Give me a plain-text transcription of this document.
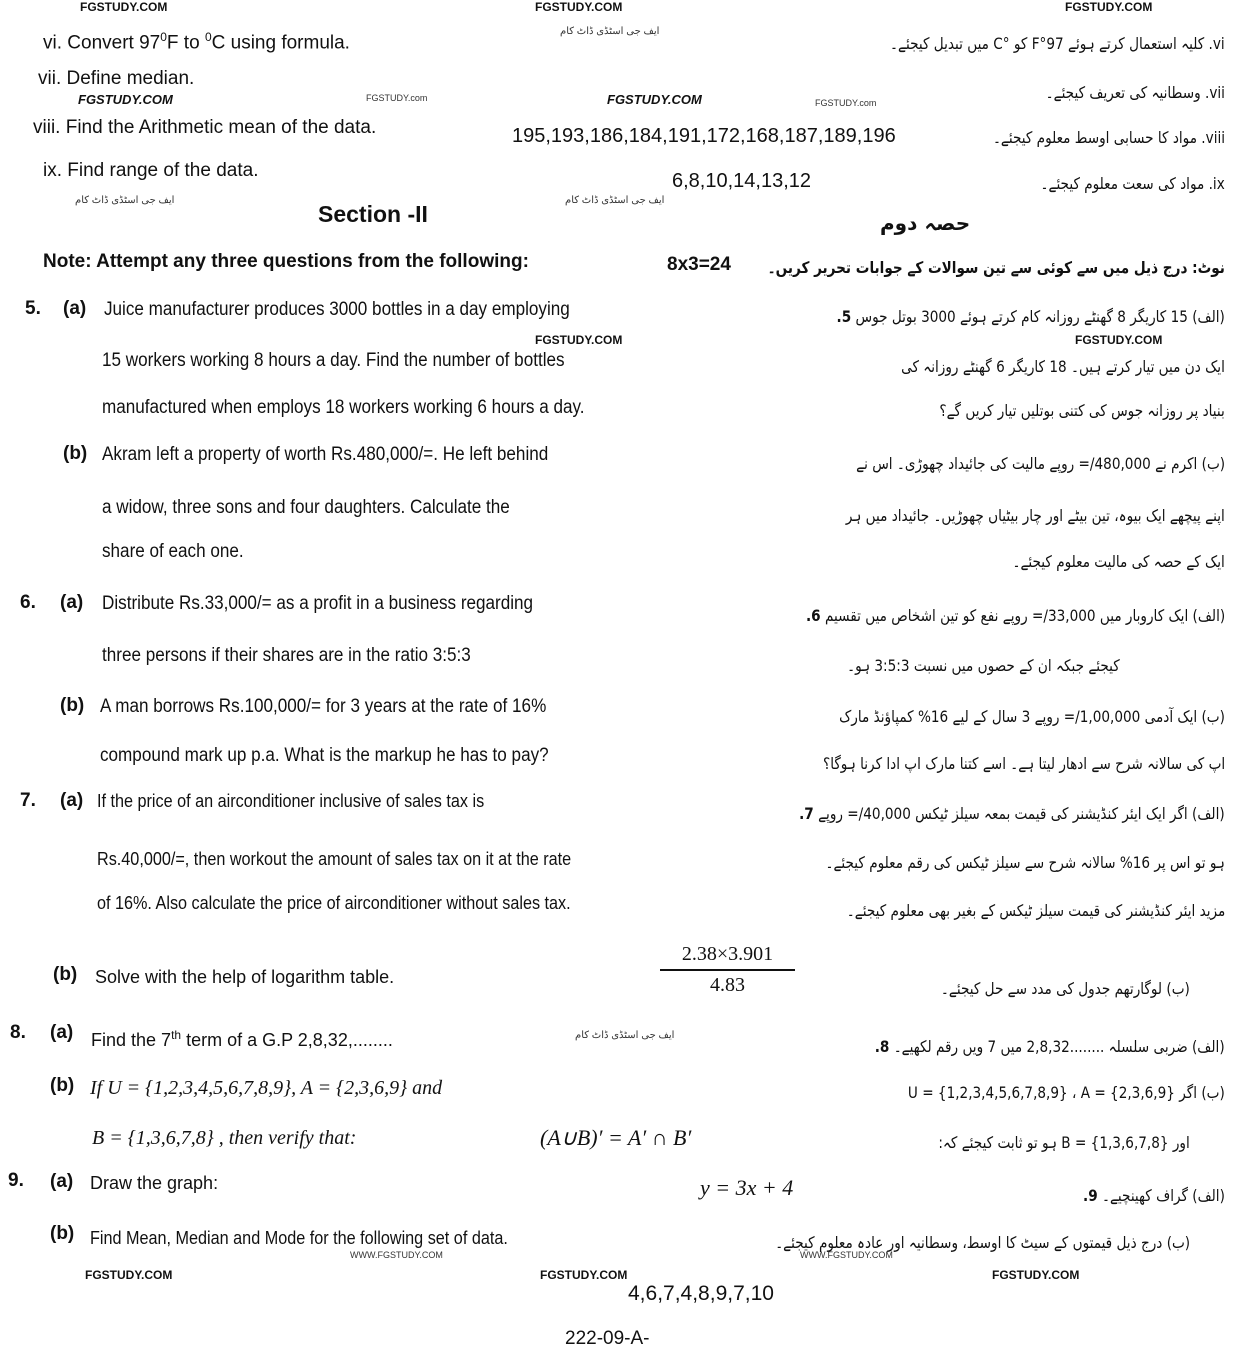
FGSTUDY.COM	FGSTUDY.COM	FGSTUDY.COM
FGSTUDY.COM	FGSTUDY.com	FGSTUDY.COM	FGSTUDY.com
ایف جی اسٹڈی ڈاٹ کام
ایف جی اسٹڈی ڈاٹ کام	ایف جی اسٹڈی ڈاٹ کام
FGSTUDY.COM	FGSTUDY.COM
ایف جی اسٹڈی ڈاٹ کام
WWW.FGSTUDY.COM	WWW.FGSTUDY.COM
FGSTUDY.COM	FGSTUDY.COM	FGSTUDY.COM
vi. Convert $97^0F$ to $^0$C using formula.	vi. کلیہ استعمال کرتے ہوئے 97°F کو °C میں تبدیل کیجئے۔
vii. Define median.
vii. وسطانیہ کی تعریف کیجئے۔
viii. Find the Arithmetic mean of the data.	195,193,186,184,191,172,168,187,189,196	viii. مواد کا حسابی اوسط معلوم کیجئے۔
ix. Find range of the data.	6,8,10,14,13,12	ix. مواد کی سعت معلوم کیجئے۔
Section -II	حصہ دوم
Note: Attempt any three questions from the following:	8x3=24 نوٹ: درج ذیل میں سے کوئی سے تین سوالات کے جوابات تحریر کریں۔
5. (a) Juice manufacturer produces 3000 bottles in a day employing
15 workers working 8 hours a day. Find the number of bottles
manufactured when employs 18 workers working 6 hours a day.
(الف) 15 کاریگر 8 گھنٹے روزانہ کام کرتے ہوئے 3000 بوتل جوس 5.
ایک دن میں تیار کرتے ہیں۔ 18 کاریگر 6 گھنٹے روزانہ کی
بنیاد پر روزانہ جوس کی کتنی بوتلیں تیار کریں گے؟
(b) Akram left a property of worth Rs.480,000/=. He left behind
a widow, three sons and four daughters. Calculate the
share of each one.
(ب) اکرم نے 480,000/= روپے مالیت کی جائیداد چھوڑی۔ اس نے
اپنے پیچھے ایک بیوہ، تین بیٹے اور چار بیٹیاں چھوڑیں۔ جائیداد میں ہر
ایک کے حصہ کی مالیت معلوم کیجئے۔
6. (a) Distribute Rs.33,000/= as a profit in a business regarding
three persons if their shares are in the ratio 3:5:3
(الف) ایک کاروبار میں 33,000/= روپے نفع کو تین اشخاص میں تقسیم 6.
کیجئے جبکہ ان کے حصوں میں نسبت 3:5:3 ہو۔
(b) A man borrows Rs.100,000/= for 3 years at the rate of 16%
compound mark up p.a. What is the markup he has to pay?
(ب) ایک آدمی 1,00,000/= روپے 3 سال کے لیے 16% کمپاؤنڈ مارک
اپ کی سالانہ شرح سے ادھار لیتا ہے۔ اسے کتنا مارک اپ ادا کرنا ہوگا؟
7. (a) If the price of an airconditioner inclusive of sales tax is
Rs.40,000/=, then workout the amount of sales tax on it at the rate
of 16%. Also calculate the price of airconditioner without sales tax.
(الف) اگر ایک ایئر کنڈیشنر کی قیمت بمعہ سیلز ٹیکس 40,000/= روپے 7.
ہو تو اس پر 16% سالانہ شرح سے سیلز ٹیکس کی رقم معلوم کیجئے۔
مزید ایئر کنڈیشنر کی قیمت سیلز ٹیکس کے بغیر بھی معلوم کیجئے۔
(b) Solve with the help of logarithm table.
2.38×3.901
4.83	(ب) لوگارتھم جدول کی مدد سے حل کیجئے۔
8. (a) Find the 7th term of a G.P 2,8,32,........	(الف) ضربی سلسلہ ........2,8,32 میں 7 ویں رقم لکھیے۔ 8.
(b) If U = {1,2,3,4,5,6,7,8,9}, A = {2,3,6,9} and
B = {1,3,6,7,8} , then verify that:	(A∪B)′ = A′ ∩ B′
(ب) اگر U = {1,2,3,4,5,6,7,8,9} ، A = {2,3,6,9}
اور B = {1,3,6,7,8} ہو تو ثابت کیجئے کہ:
9. (a) Draw the graph:	y = 3x + 4	(الف) گراف کھینچیے۔ 9.
(b) Find Mean, Median and Mode for the following set of data.	(ب) درج ذیل قیمتوں کے سیٹ کا اوسط، وسطانیہ اور عادہ معلوم کیجئے۔
4,6,7,4,8,9,7,10
222-09-A-
